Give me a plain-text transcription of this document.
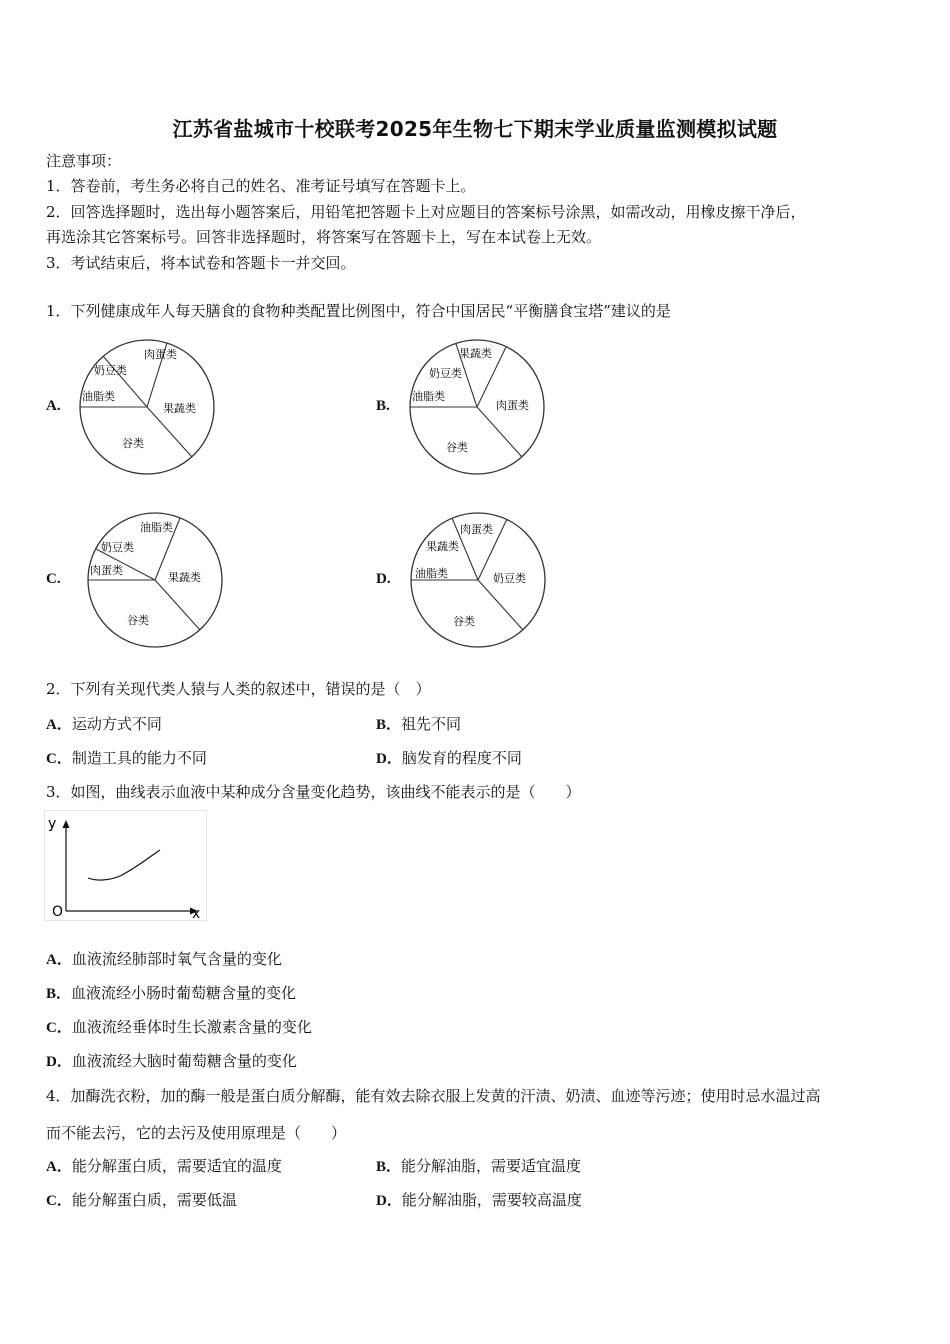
江苏省盐城市十校联考2025年生物七下期末学业质量监测模拟试题
注意事项：
1．答卷前，考生务必将自己的姓名、准考证号填写在答题卡上。
2．回答选择题时，选出每小题答案后，用铅笔把答题卡上对应题目的答案标号涂黑，如需改动，用橡皮擦干净后，
再选涂其它答案标号。回答非选择题时，将答案写在答题卡上，写在本试卷上无效。
3．考试结束后，将本试卷和答题卡一并交回。
1．下列健康成年人每天膳食的食物种类配置比例图中，符合中国居民“平衡膳食宝塔”建议的是
A.
肉蛋类
奶豆类
油脂类
谷类
果蔬类	B.
果蔬类
奶豆类
油脂类
谷类
肉蛋类
C.
油脂类
奶豆类
肉蛋类
谷类
果蔬类	D.
肉蛋类
果蔬类
油脂类
谷类
奶豆类
2．下列有关现代类人猿与人类的叙述中，错误的是（　）
A．运动方式不同	B．祖先不同
C．制造工具的能力不同	D．脑发育的程度不同
3．如图，曲线表示血液中某种成分含量变化趋势，该曲线不能表示的是（　　）
y
x
O
A．血液流经肺部时氧气含量的变化
B．血液流经小肠时葡萄糖含量的变化
C．血液流经垂体时生长激素含量的变化
D．血液流经大脑时葡萄糖含量的变化
4．加酶洗衣粉，加的酶一般是蛋白质分解酶，能有效去除衣服上发黄的汗渍、奶渍、血迹等污迹；使用时忌水温过高
而不能去污，它的去污及使用原理是（　　）
A．能分解蛋白质，需要适宜的温度	B．能分解油脂，需要适宜温度
C．能分解蛋白质，需要低温	D．能分解油脂，需要较高温度
